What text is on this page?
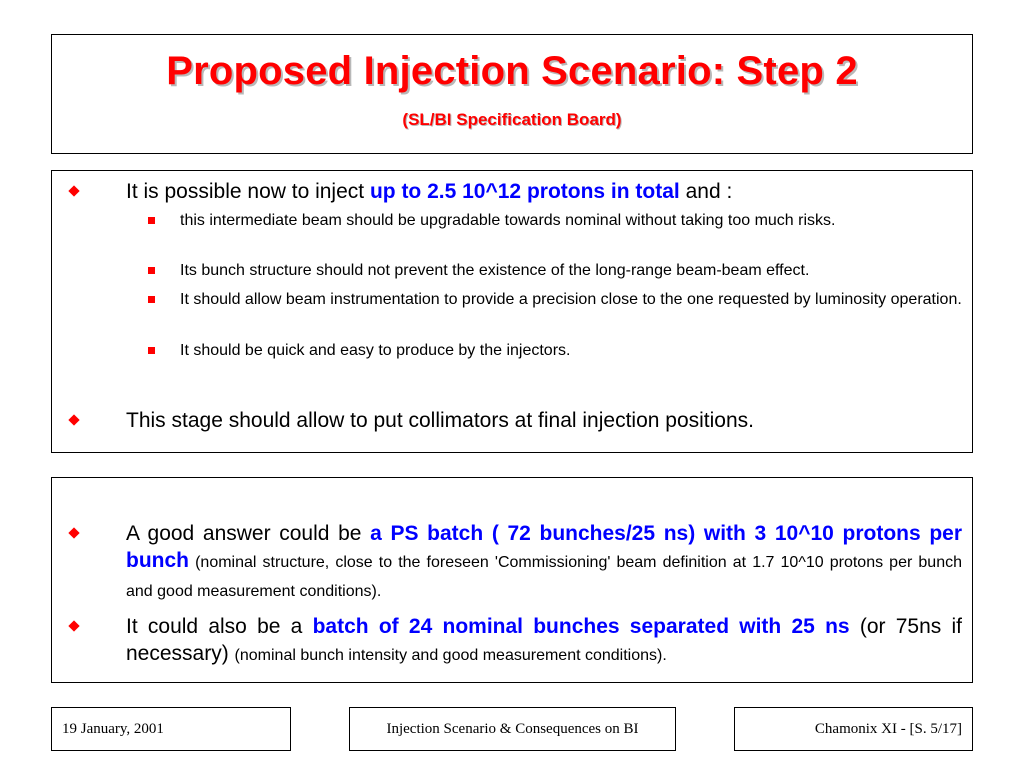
Proposed Injection Scenario: Step 2
(SL/BI Specification Board)
It is possible now to inject up to 2.5 10^12 protons in total and :
this intermediate beam should be upgradable towards nominal without taking too much risks.
Its bunch structure should not prevent the existence of the long-range beam-beam effect.
It should allow beam instrumentation to provide a precision close to the one requested by luminosity operation.
It should be quick and easy to produce by the injectors.
This stage should allow to put collimators at final injection positions.
A good answer could be a PS batch ( 72 bunches/25 ns) with 3 10^10 protons per bunch (nominal structure, close to the foreseen 'Commissioning' beam definition at 1.7 10^10 protons per bunch and good measurement conditions).
It could also be a batch of 24 nominal bunches separated with 25 ns (or 75ns if necessary) (nominal bunch intensity and good measurement conditions).
19 January, 2001	Injection Scenario & Consequences on BI	Chamonix XI - [S. 5/17]
